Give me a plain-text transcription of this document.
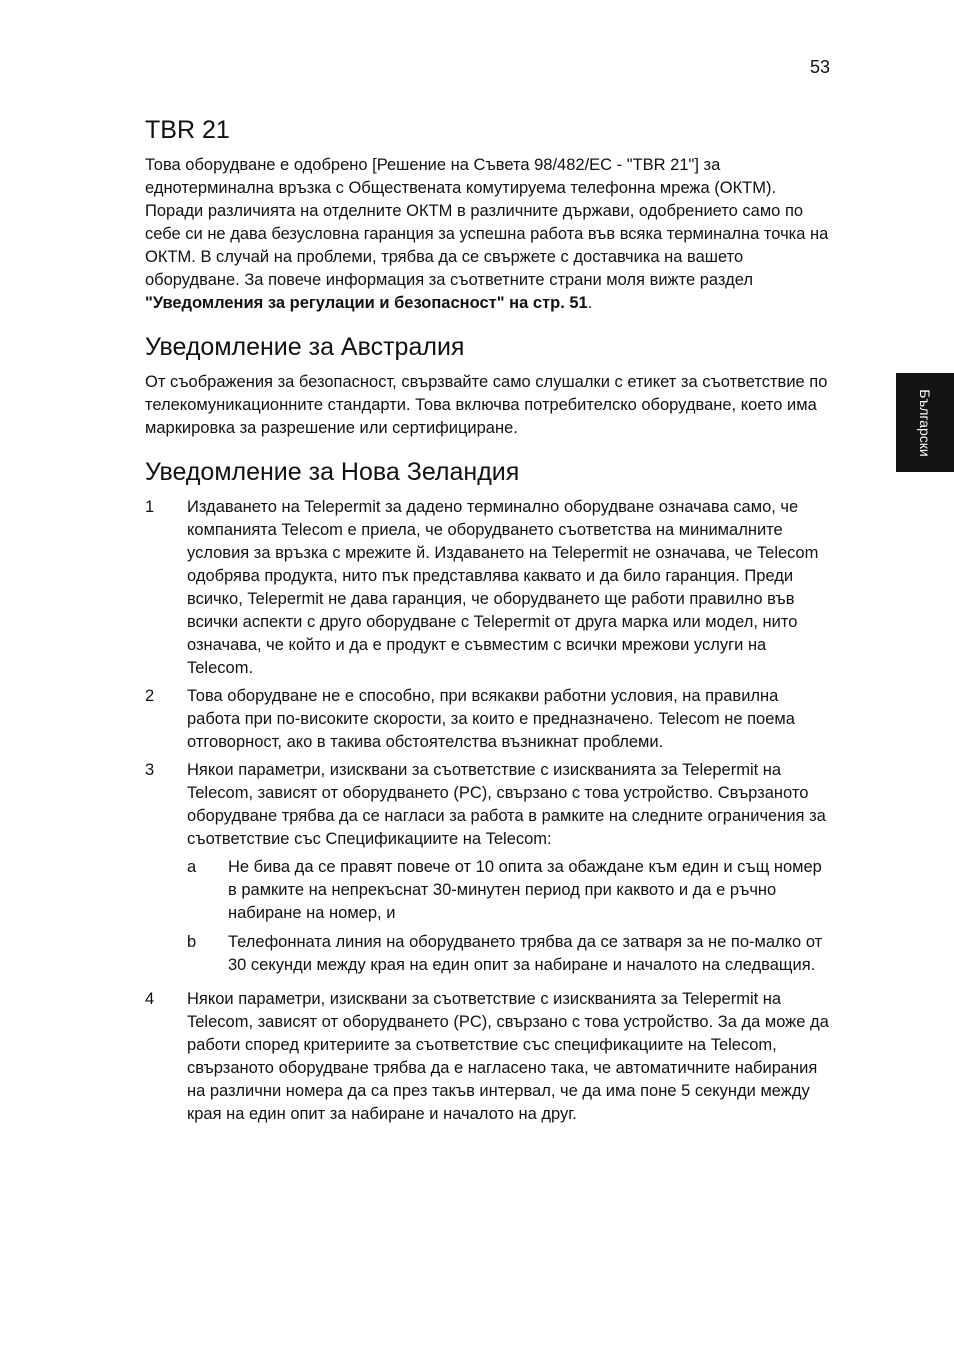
53
Български
TBR 21

Това оборудване е одобрено [Решение на Съвета 98/482/EC - "TBR 21"] за еднотерминална връзка с Обществената комутируема телефонна мрежа (ОКТМ). Поради различията на отделните ОКТМ в различните държави, одобрението само по себе си не дава безусловна гаранция за успешна работа във всяка терминална точка на ОКТМ. В случай на проблеми, трябва да се свържете с доставчика на вашето оборудване. За повече информация за съответните страни моля вижте раздел "Уведомления за регулации и безопасност" на стр. 51.

Уведомление за Австралия

От съображения за безопасност, свързвайте само слушалки с етикет за съответствие по телекомуникационните стандарти. Това включва потребителско оборудване, което има маркировка за разрешение или сертифициране.

Уведомление за Нова Зеландия
1	Издаването на Telepermit за дадено терминално оборудване означава само, че компанията Telecom е приела, че оборудването съответства на минималните условия за връзка с мрежите й. Издаването на Telepermit не означава, че Telecom одобрява продукта, нито пък представлява каквато и да било гаранция. Преди всичко, Telepermit не дава гаранция, че оборудването ще работи правилно във всички аспекти с друго оборудване с Telepermit от друга марка или модел, нито означава, че който и да е продукт е съвместим с всички мрежови услуги на Telecom.
2	Това оборудване не е способно, при всякакви работни условия, на правилна работа при по-високите скорости, за които е предназначено. Telecom не поема отговорност, ако в такива обстоятелства възникнат проблеми.
3	Някои параметри, изисквани за съответствие с изискванията за Telepermit на Telecom, зависят от оборудването (PC), свързано с това устройство. Свързаното оборудване трябва да се нагласи за работа в рамките на следните ограничения за съответствие със Спецификациите на Telecom:
a	Не бива да се правят повече от 10 опита за обаждане към един и същ номер в рамките на непрекъснат 30-минутен период при каквото и да е ръчно набиране на номер, и
b	Телефонната линия на оборудването трябва да се затваря за не по-малко от 30 секунди между края на един опит за набиране и началото на следващия.
4	Някои параметри, изисквани за съответствие с изискванията за Telepermit на Telecom, зависят от оборудването (PC), свързано с това устройство. За да може да работи според критериите за съответствие със спецификациите на Telecom, свързаното оборудване трябва да е нагласено така, че автоматичните набирания на различни номера да са през такъв интервал, че да има поне 5 секунди между края на един опит за набиране и началото на друг.
